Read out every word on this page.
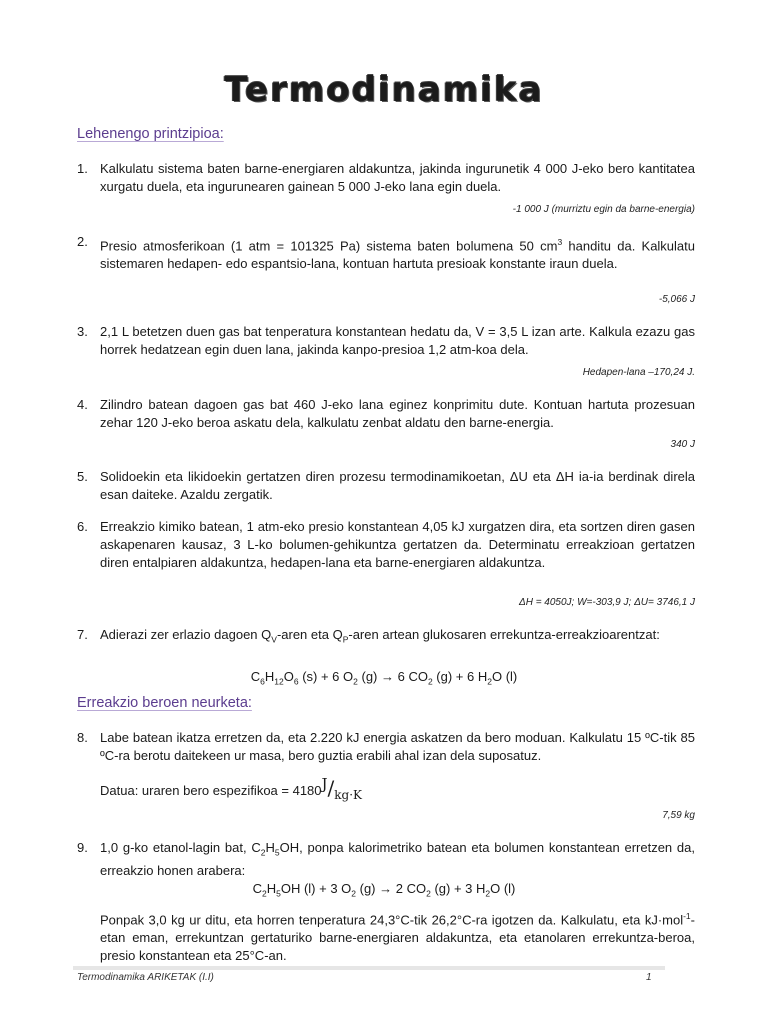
Termodinamika
Lehenengo printzipioa:
1. Kalkulatu sistema baten barne-energiaren aldakuntza, jakinda ingurunetik 4 000 J-eko bero kantitatea xurgatu duela, eta ingurunearen gainean 5 000 J-eko lana egin duela.
-1 000 J (murriztu egin da barne-energia)
2. Presio atmosferikoan (1 atm = 101325 Pa) sistema baten bolumena 50 $cm^3$ handitu da. Kalkulatu sistemaren hedapen- edo espantsio-lana, kontuan hartuta presioak konstante iraun duela.
-5,066 J
3. 2,1 L betetzen duen gas bat tenperatura konstantean hedatu da, V = 3,5 L izan arte. Kalkula ezazu gas horrek hedatzean egin duen lana, jakinda kanpo-presioa 1,2 atm-koa dela.
Hedapen-lana –170,24 J.
4. Zilindro batean dagoen gas bat 460 J-eko lana eginez konprimitu dute. Kontuan hartuta prozesuan zehar 120 J-eko beroa askatu dela, kalkulatu zenbat aldatu den barne-energia.
340 J
5. Solidoekin eta likidoekin gertatzen diren prozesu termodinamikoetan, ΔU eta ΔH ia-ia berdinak direla esan daiteke. Azaldu zergatik.
6. Erreakzio kimiko batean, 1 atm-eko presio konstantean 4,05 kJ xurgatzen dira, eta sortzen diren gasen askapenaren kausaz, 3 L-ko bolumen-gehikuntza gertatzen da. Determinatu erreakzioan gertatzen diren entalpiaren aldakuntza, hedapen-lana eta barne-energiaren aldakuntza.
ΔH = 4050J; W=-303,9 J; ΔU= 3746,1 J
7. Adierazi zer erlazio dagoen $Q_V$-aren eta $Q_P$-aren artean glukosaren errekuntza-erreakzioarentzat:
$C_6H_{12}O_6$ (s) + 6 $O_2$ (g) → 6 $CO_2$ (g) + 6 $H_2O$ (l)
Erreakzio beroen neurketa:
8. Labe batean ikatza erretzen da, eta 2.220 kJ energia askatzen da bero moduan. Kalkulatu 15 ºC-tik 85 ºC-ra berotu daitekeen ur masa, bero guztia erabili ahal izan dela suposatuz.
Datua: uraren bero espezifikoa = 4180J/kg·K
7,59 kg
9. 1,0 g-ko etanol-lagin bat, $C_2H_5OH$, ponpa kalorimetriko batean eta bolumen konstantean erretzen da, erreakzio honen arabera:
$C_2H_5OH$ (l) + 3 $O_2$ (g) → 2 $CO_2$ (g) + 3 $H_2O$ (l)
Ponpak 3,0 kg ur ditu, eta horren tenperatura 24,3°C-tik 26,2°C-ra igotzen da. Kalkulatu, eta kJ·mol$^{-1}$-etan eman, errekuntzan gertaturiko barne-energiaren aldakuntza, eta etanolaren errekuntza-beroa, presio konstantean eta 25°C-an.
Termodinamika ARIKETAK (I.I)	1
